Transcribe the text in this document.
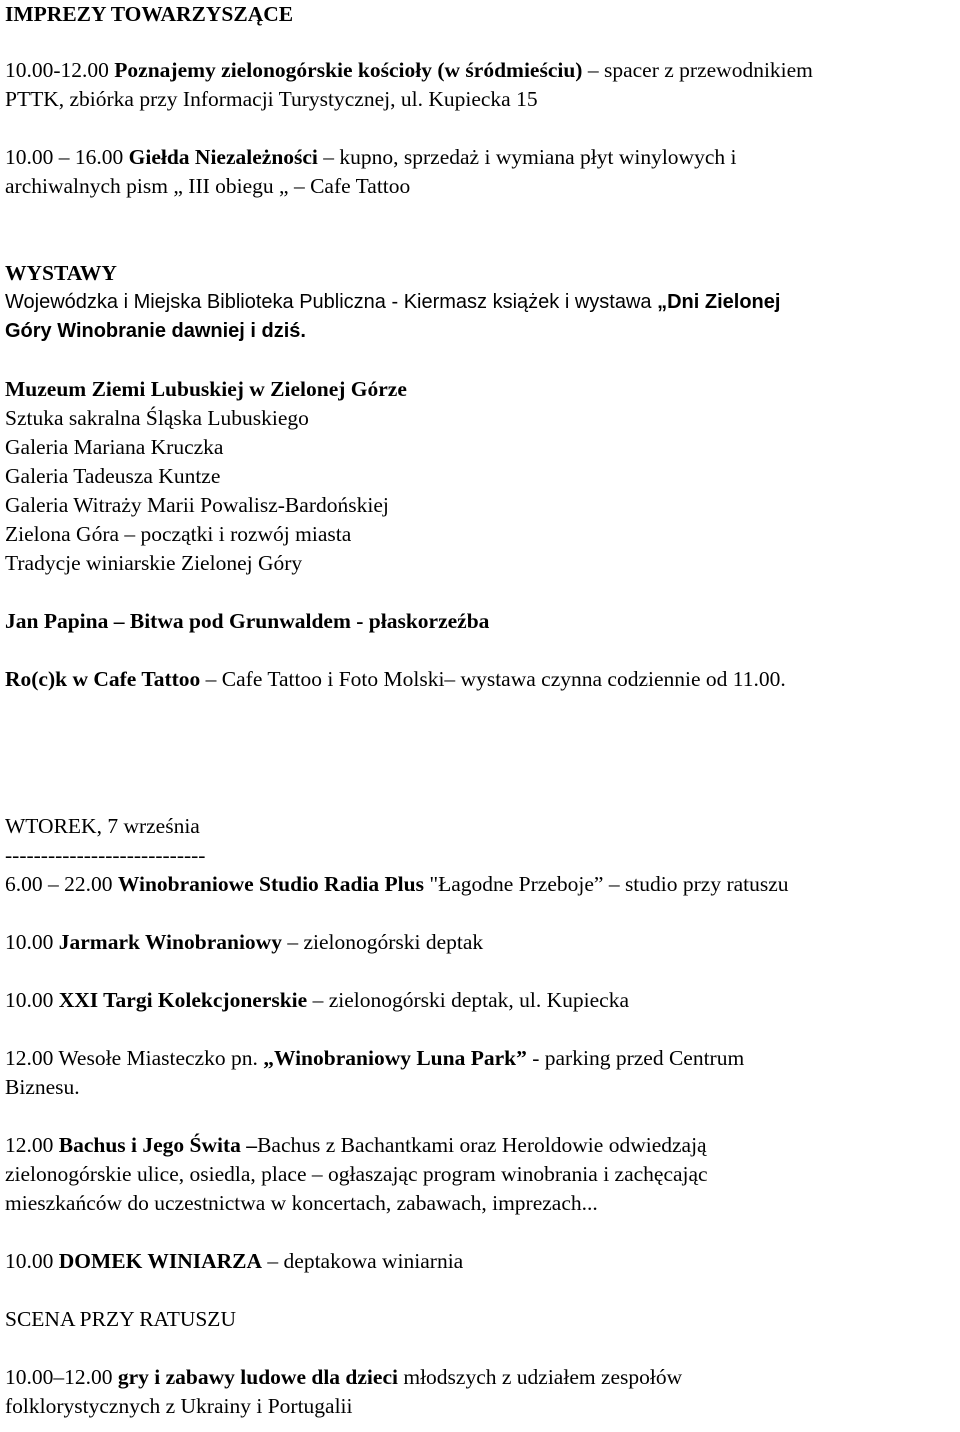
IMPREZY TOWARZYSZĄCE
10.00-12.00 Poznajemy zielonogórskie kościoły (w śródmieściu) – spacer z przewodnikiem
PTTK, zbiórka przy Informacji Turystycznej, ul. Kupiecka 15
10.00 – 16.00 Giełda Niezależności – kupno, sprzedaż i wymiana płyt winylowych i
archiwalnych pism „ III obiegu „ – Cafe Tattoo
WYSTAWY
Wojewódzka i Miejska Biblioteka Publiczna - Kiermasz książek i wystawa „Dni Zielonej
Góry Winobranie dawniej i dziś.
Muzeum Ziemi Lubuskiej w Zielonej Górze
Sztuka sakralna Śląska Lubuskiego
Galeria Mariana Kruczka
Galeria Tadeusza Kuntze
Galeria Witraży Marii Powalisz-Bardońskiej
Zielona Góra – początki i rozwój miasta
Tradycje winiarskie Zielonej Góry
Jan Papina – Bitwa pod Grunwaldem - płaskorzeźba
Ro(c)k w Cafe Tattoo – Cafe Tattoo i Foto Molski– wystawa czynna codziennie od 11.00.
WTOREK, 7 września
----------------------------
6.00 – 22.00 Winobraniowe Studio Radia Plus "Łagodne Przeboje” – studio przy ratuszu
10.00 Jarmark Winobraniowy – zielonogórski deptak
10.00 XXI Targi Kolekcjonerskie – zielonogórski deptak, ul. Kupiecka
12.00 Wesołe Miasteczko pn. „Winobraniowy Luna Park” - parking przed Centrum
Biznesu.
12.00 Bachus i Jego Świta –Bachus z Bachantkami oraz Heroldowie odwiedzają
zielonogórskie ulice, osiedla, place – ogłaszając program winobrania i zachęcając
mieszkańców do uczestnictwa w koncertach, zabawach, imprezach...
10.00 DOMEK WINIARZA – deptakowa winiarnia
SCENA PRZY RATUSZU
10.00–12.00 gry i zabawy ludowe dla dzieci młodszych z udziałem zespołów
folklorystycznych z Ukrainy i Portugalii
